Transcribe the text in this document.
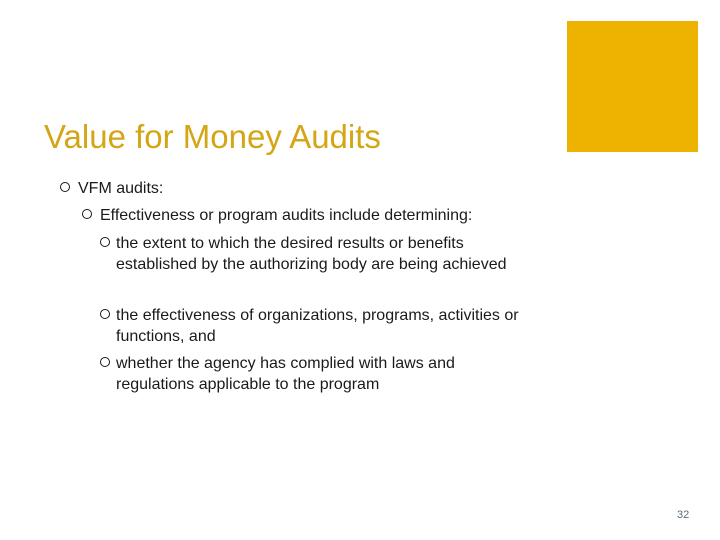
Value for Money Audits
VFM audits:
Effectiveness or program audits include determining:
the extent to which the desired results or benefits established by the authorizing body are being achieved
the effectiveness of organizations, programs, activities or functions, and
whether the agency has complied with laws and regulations applicable to the program
32
